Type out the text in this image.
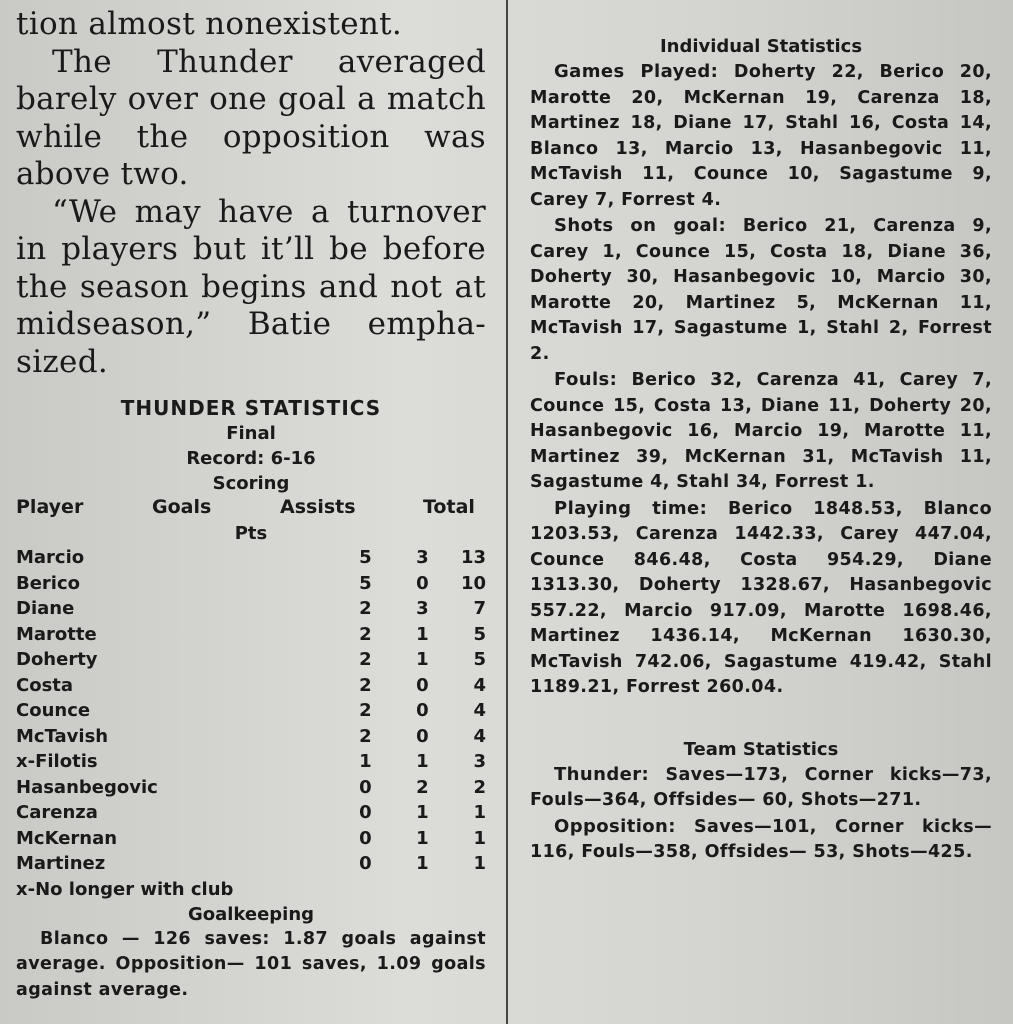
tion almost nonexistent.

The Thunder averaged barely over one goal a match while the opposition was above two.

“We may have a turnover in players but it’ll be before the season begins and not at midseason,” Batie empha- sized.

THUNDER STATISTICS
Final
Record: 6-16
Scoring
Player	Goals	Assists	Total
Pts
Marcio	5	3	13
Berico	5	0	10
Diane	2	3	7
Marotte	2	1	5
Doherty	2	1	5
Costa	2	0	4
Counce	2	0	4
McTavish	2	0	4
x-Filotis	1	1	3
Hasanbegovic	0	2	2
Carenza	0	1	1
McKernan	0	1	1
Martinez	0	1	1
x-No longer with club
Goalkeeping
Blanco — 126 saves: 1.87 goals against average. Opposition— 101 saves, 1.09 goals against average.
Individual Statistics
Games Played: Doherty 22, Berico 20, Marotte 20, McKernan 19, Carenza 18, Martinez 18, Diane 17, Stahl 16, Costa 14, Blanco 13, Marcio 13, Hasanbegovic 11, McTavish 11, Counce 10, Sagastume 9, Carey 7, Forrest 4.
Shots on goal: Berico 21, Carenza 9, Carey 1, Counce 15, Costa 18, Diane 36, Doherty 30, Hasanbegovic 10, Marcio 30, Marotte 20, Martinez 5, McKernan 11, McTavish 17, Sagastume 1, Stahl 2, Forrest 2.
Fouls: Berico 32, Carenza 41, Carey 7, Counce 15, Costa 13, Diane 11, Doherty 20, Hasanbegovic 16, Marcio 19, Marotte 11, Martinez 39, McKernan 31, McTavish 11, Sagastume 4, Stahl 34, Forrest 1.
Playing time: Berico 1848.53, Blanco 1203.53, Carenza 1442.33, Carey 447.04, Counce 846.48, Costa 954.29, Diane 1313.30, Doherty 1328.67, Hasanbegovic 557.22, Marcio 917.09, Marotte 1698.46, Martinez 1436.14, McKernan 1630.30, McTavish 742.06, Sagastume 419.42, Stahl 1189.21, Forrest 260.04.
Team Statistics
Thunder: Saves—173, Corner kicks—73, Fouls—364, Offsides— 60, Shots—271.
Opposition: Saves—101, Corner kicks—116, Fouls—358, Offsides— 53, Shots—425.
